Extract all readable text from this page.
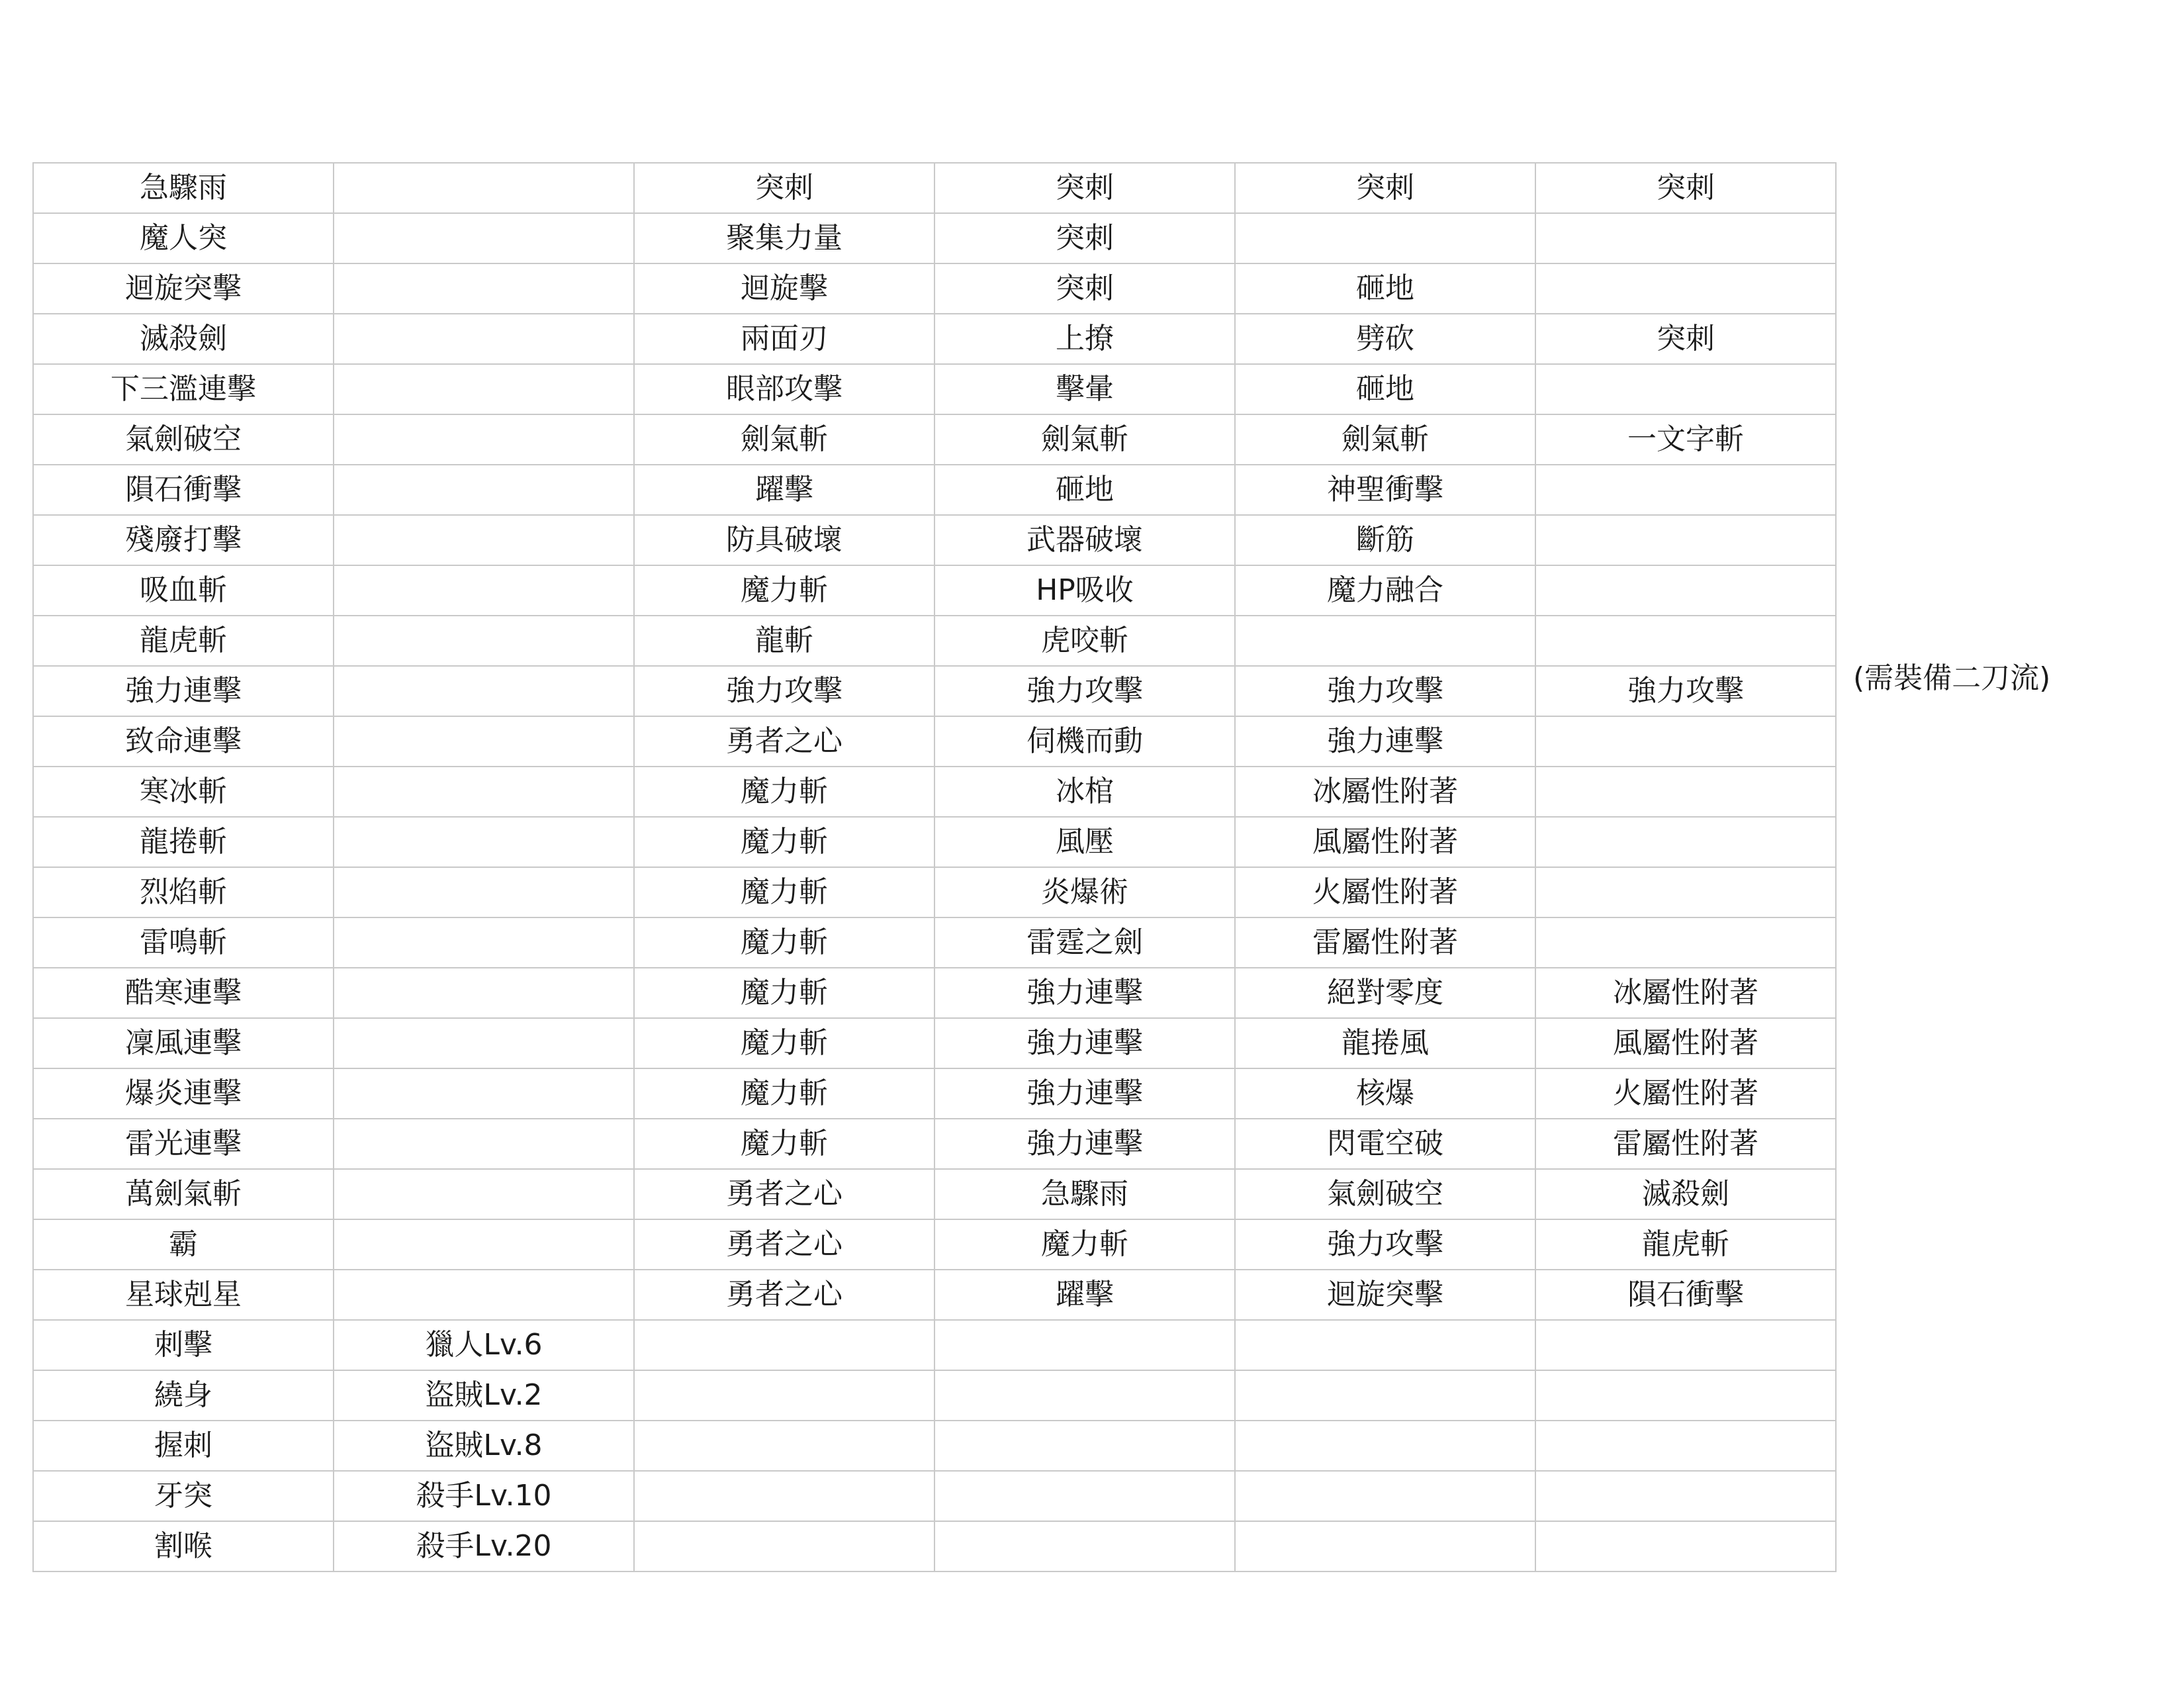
急驟雨		突刺	突刺	突刺	突刺
魔人突		聚集力量	突刺		
迴旋突擊		迴旋擊	突刺	砸地	
滅殺劍		兩面刃	上撩	劈砍	突刺
下三濫連擊		眼部攻擊	擊暈	砸地	
氣劍破空		劍氣斬	劍氣斬	劍氣斬	一文字斬
隕石衝擊		躍擊	砸地	神聖衝擊	
殘廢打擊		防具破壞	武器破壞	斷筋	
吸血斬		魔力斬	HP吸收	魔力融合	
龍虎斬		龍斬	虎咬斬		
強力連擊		強力攻擊	強力攻擊	強力攻擊	強力攻擊
致命連擊		勇者之心	伺機而動	強力連擊	
寒冰斬		魔力斬	冰棺	冰屬性附著	
龍捲斬		魔力斬	風壓	風屬性附著	
烈焰斬		魔力斬	炎爆術	火屬性附著	
雷鳴斬		魔力斬	雷霆之劍	雷屬性附著	
酷寒連擊		魔力斬	強力連擊	絕對零度	冰屬性附著
凜風連擊		魔力斬	強力連擊	龍捲風	風屬性附著
爆炎連擊		魔力斬	強力連擊	核爆	火屬性附著
雷光連擊		魔力斬	強力連擊	閃電空破	雷屬性附著
萬劍氣斬		勇者之心	急驟雨	氣劍破空	滅殺劍
霸		勇者之心	魔力斬	強力攻擊	龍虎斬
星球剋星		勇者之心	躍擊	迴旋突擊	隕石衝擊
刺擊	獵人Lv.6				
繞身	盜賊Lv.2				
握刺	盜賊Lv.8				
牙突	殺手Lv.10				
割喉	殺手Lv.20				
(需裝備二刀流)
